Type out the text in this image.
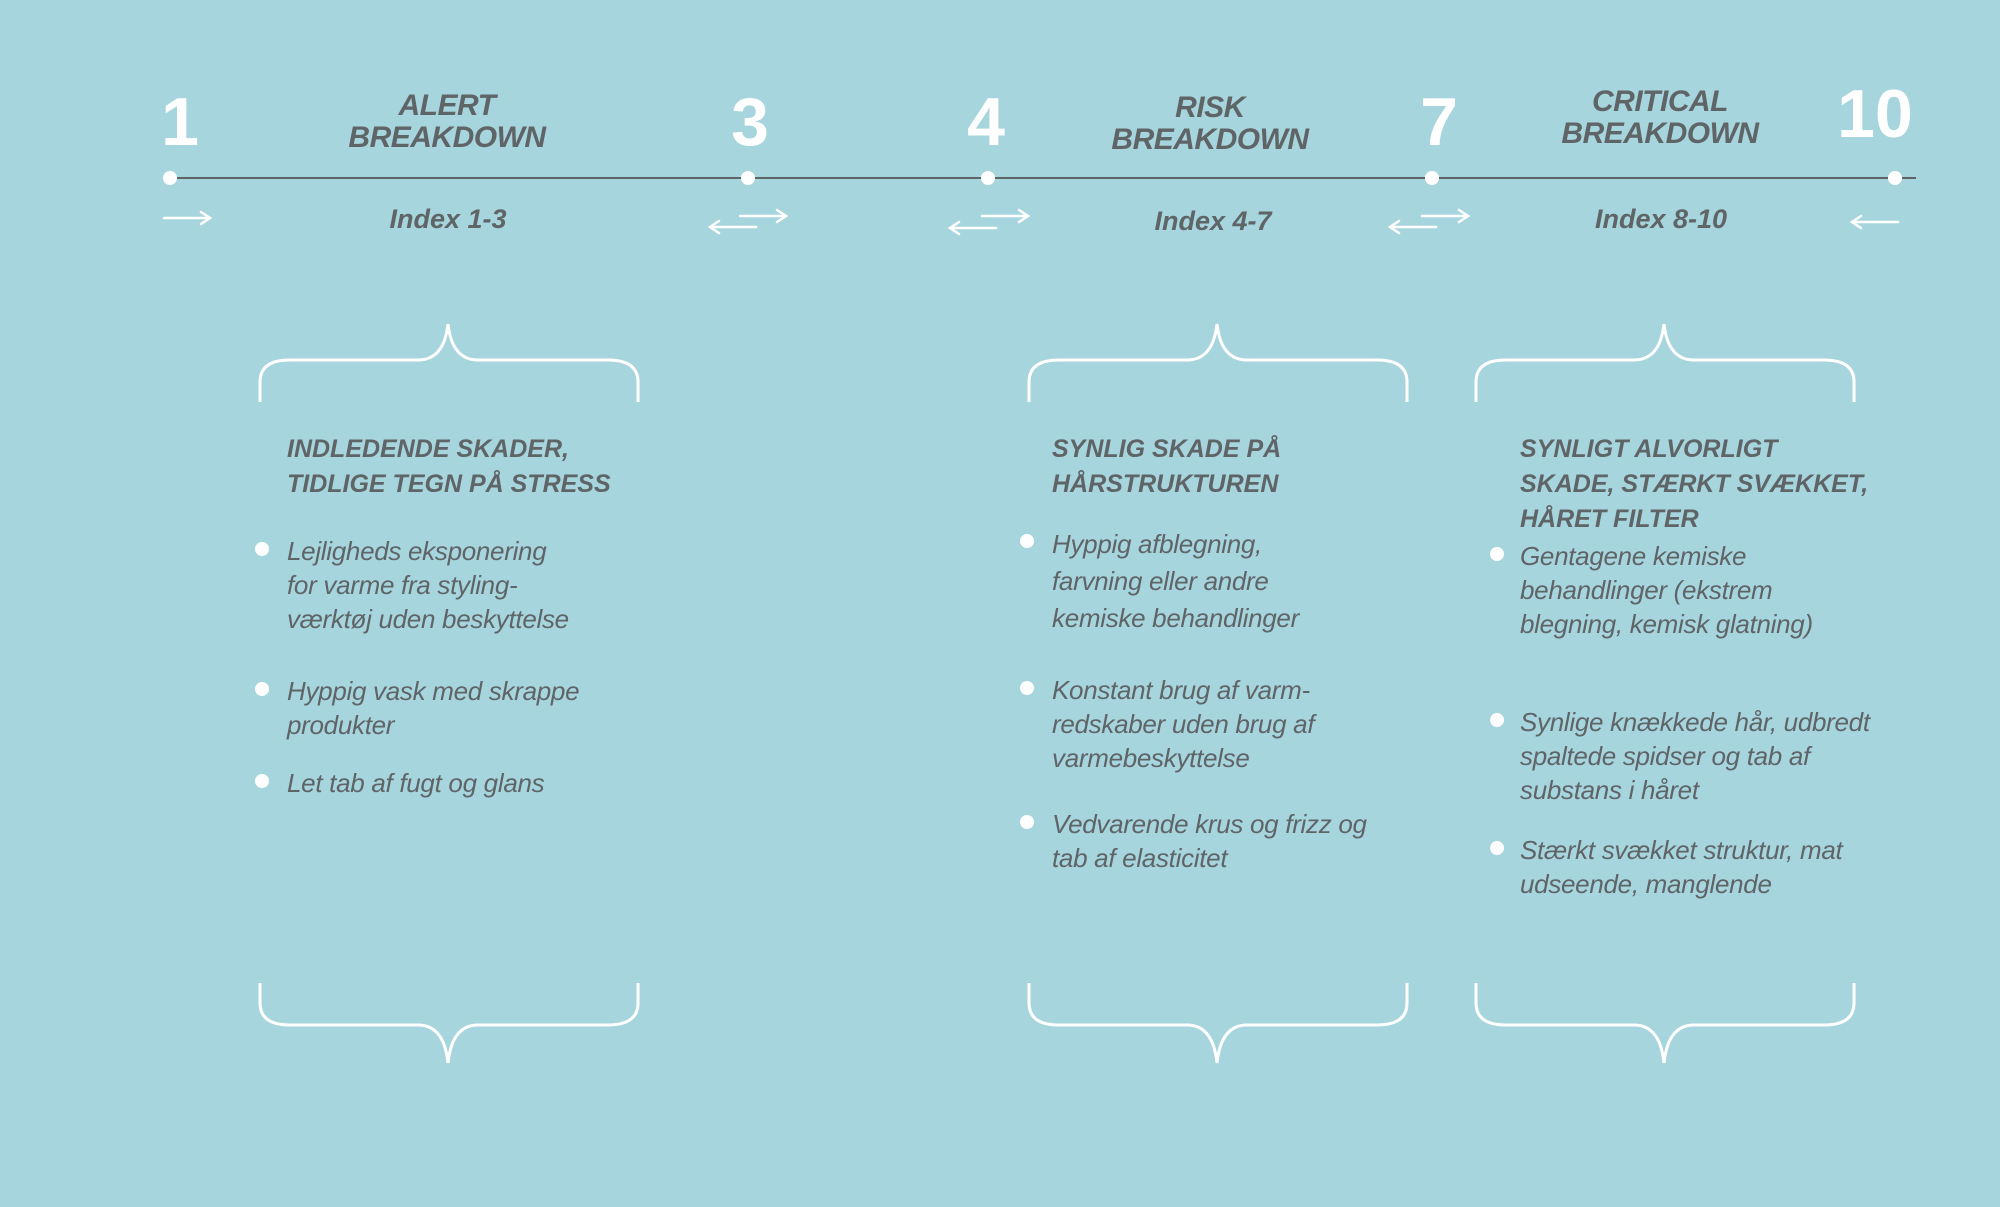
1	3	4	7	10
ALERT
BREAKDOWN
RISK
BREAKDOWN
CRITICAL
BREAKDOWN
Index 1-3	Index 4-7	Index 8-10
INDLEDENDE SKADER,
TIDLIGE TEGN PÅ STRESS
Lejligheds eksponering
for varme fra styling-
værktøj uden beskyttelse
Hyppig vask med skrappe
produkter
Let tab af fugt og glans
SYNLIG SKADE PÅ
HÅRSTRUKTUREN
Hyppig afblegning,
farvning eller andre
kemiske behandlinger
Konstant brug af varm-
redskaber uden brug af
varmebeskyttelse
Vedvarende krus og frizz og
tab af elasticitet
SYNLIGT ALVORLIGT
SKADE, STÆRKT SVÆKKET,
HÅRET FILTER
Gentagene kemiske
behandlinger (ekstrem
blegning, kemisk glatning)
Synlige knækkede hår, udbredt
spaltede spidser og tab af
substans i håret
Stærkt svækket struktur, mat
udseende, manglende
